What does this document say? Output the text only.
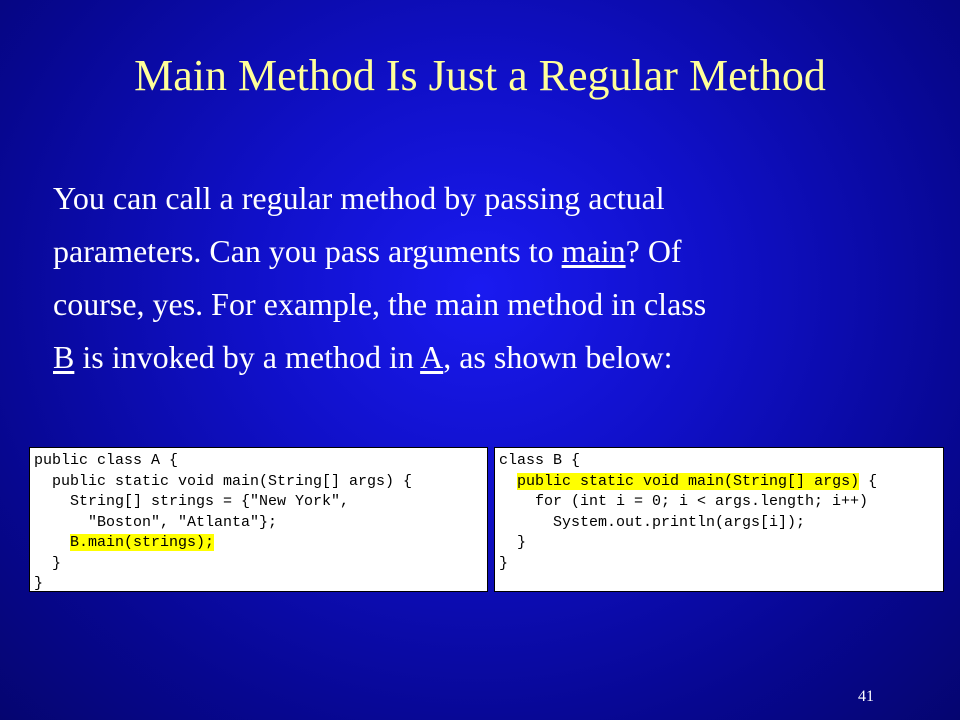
Main Method Is Just a Regular Method

You can call a regular method by passing actual

parameters. Can you pass arguments to main? Of

course, yes. For example, the main method in class

B is invoked by a method in A, as shown below:

public class A {
public static void main(String[] args) {
String[] strings = {"New York",
"Boston", "Atlanta"};
B.main(strings);
}
}
class B {
public static void main(String[] args) {
for (int i = 0; i < args.length; i++)
System.out.println(args[i]);
}
}
41
